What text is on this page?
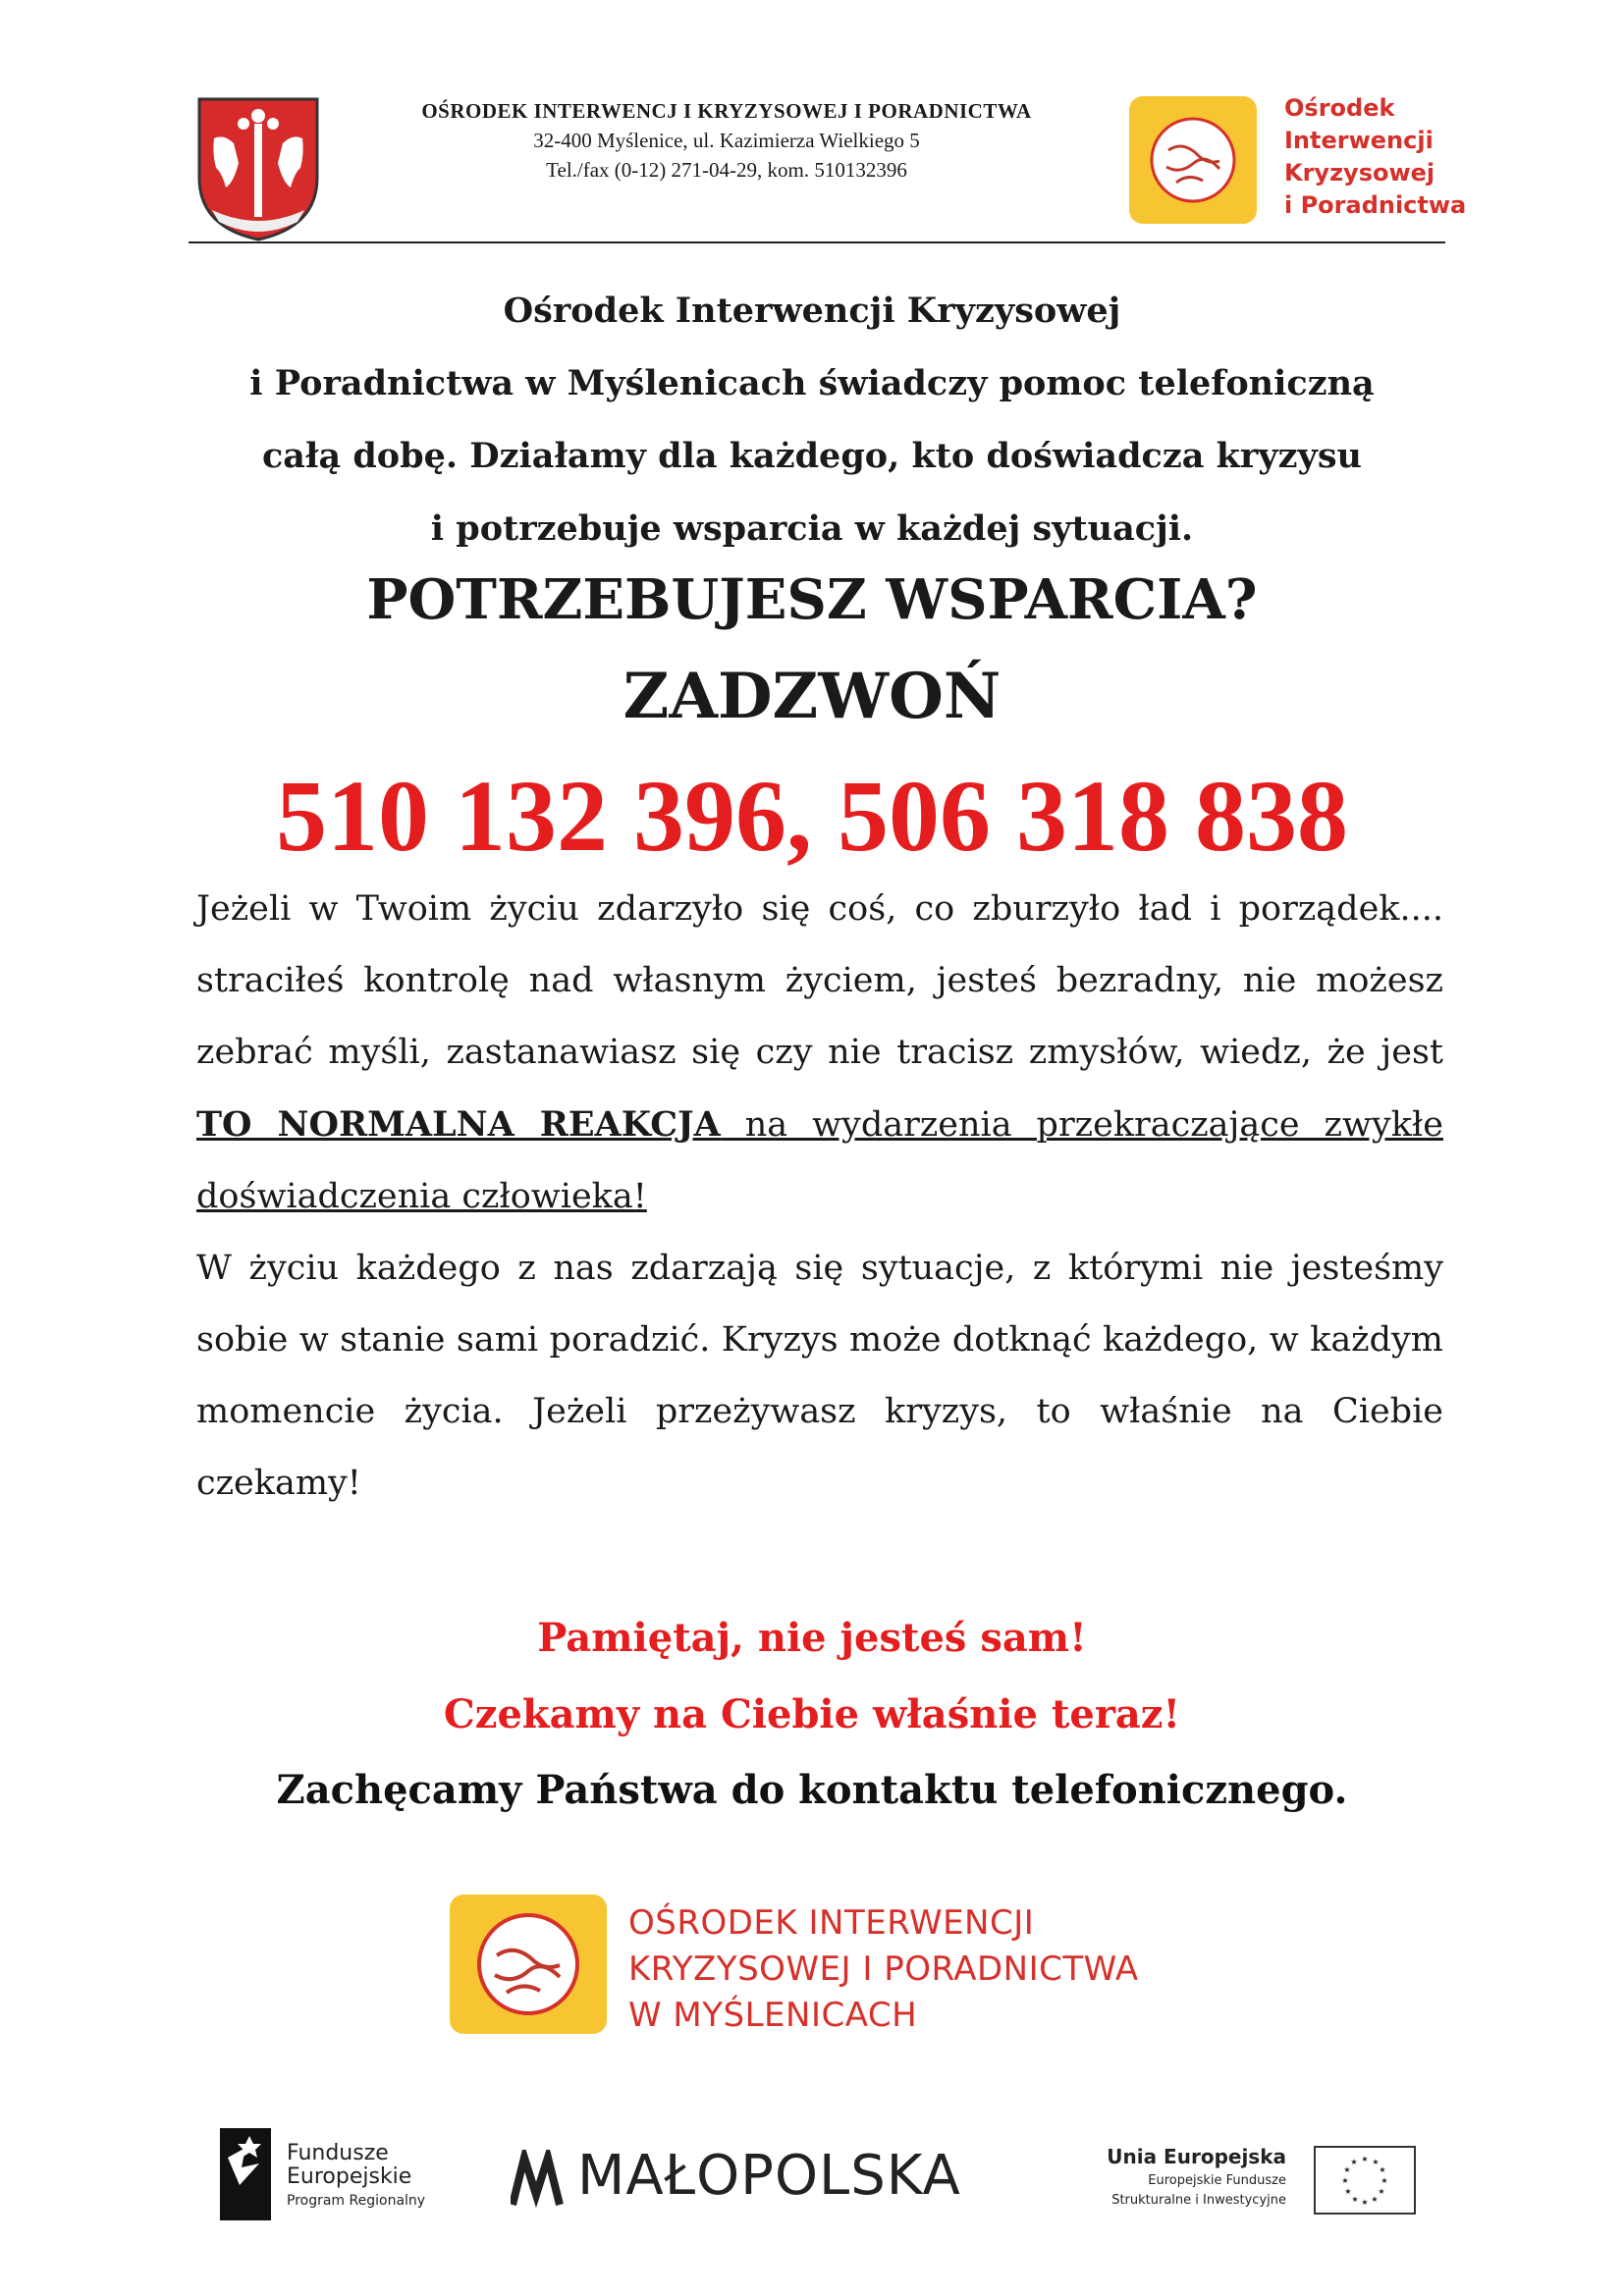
OŚRODEK INTERWENCJ I KRYZYSOWEJ I PORADNICTWA
32-400 Myślenice, ul. Kazimierza Wielkiego 5
Tel./fax (0-12) 271-04-29, kom. 510132396
Ośrodek
Interwencji
Kryzysowej
i Poradnictwa
Ośrodek Interwencji Kryzysowej
i Poradnictwa w Myślenicach świadczy pomoc telefoniczną
całą dobę. Działamy dla każdego, kto doświadcza kryzysu
i potrzebuje wsparcia w każdej sytuacji.
POTRZEBUJESZ WSPARCIA?
ZADZWOŃ
510 132 396, 506 318 838

Jeżeli w Twoim życiu zdarzyło się coś, co zburzyło ład i porządek.... straciłeś kontrolę nad własnym życiem, jesteś bezradny, nie możesz zebrać myśli, zastanawiasz się czy nie tracisz zmysłów, wiedz, że jest TO NORMALNA REAKCJA na wydarzenia przekraczające zwykłe doświadczenia człowieka!

W życiu każdego z nas zdarzają się sytuacje, z którymi nie jesteśmy sobie w stanie sami poradzić. Kryzys może dotknąć każdego, w każdym momencie życia. Jeżeli przeżywasz kryzys, to właśnie na Ciebie czekamy!

Pamiętaj, nie jesteś sam!
Czekamy na Ciebie właśnie teraz!
Zachęcamy Państwa do kontaktu telefonicznego.
OŚRODEK INTERWENCJI
KRYZYSOWEJ I PORADNICTWA
W MYŚLENICACH
Fundusze
Europejskie
Program Regionalny	MAŁOPOLSKA	Unia Europejska
Europejskie Fundusze
Strukturalne i Inwestycyjne
★ ★
★
★
★
★
★
★
★
★
★
★
